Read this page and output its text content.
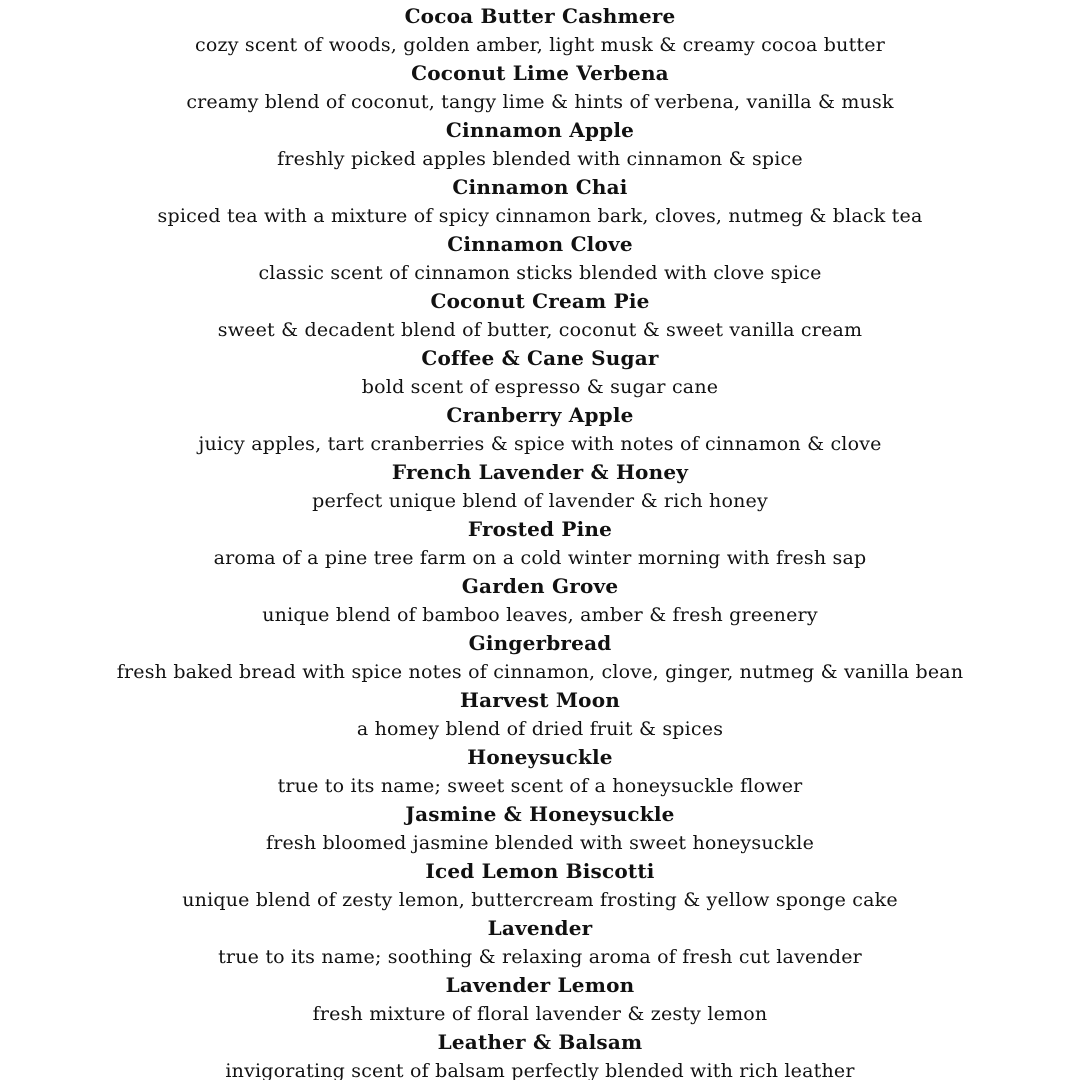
Cocoa Butter Cashmere
cozy scent of woods, golden amber, light musk & creamy cocoa butter
Coconut Lime Verbena
creamy blend of coconut, tangy lime & hints of verbena, vanilla & musk
Cinnamon Apple
freshly picked apples blended with cinnamon & spice
Cinnamon Chai
spiced tea with a mixture of spicy cinnamon bark, cloves, nutmeg & black tea
Cinnamon Clove
classic scent of cinnamon sticks blended with clove spice
Coconut Cream Pie
sweet & decadent blend of butter, coconut & sweet vanilla cream
Coffee & Cane Sugar
bold scent of espresso & sugar cane
Cranberry Apple
juicy apples, tart cranberries & spice with notes of cinnamon & clove
French Lavender & Honey
perfect unique blend of lavender & rich honey
Frosted Pine
aroma of a pine tree farm on a cold winter morning with fresh sap
Garden Grove
unique blend of bamboo leaves, amber & fresh greenery
Gingerbread
fresh baked bread with spice notes of cinnamon, clove, ginger, nutmeg & vanilla bean
Harvest Moon
a homey blend of dried fruit & spices
Honeysuckle
true to its name; sweet scent of a honeysuckle flower
Jasmine & Honeysuckle
fresh bloomed jasmine blended with sweet honeysuckle
Iced Lemon Biscotti
unique blend of zesty lemon, buttercream frosting & yellow sponge cake
Lavender
true to its name; soothing & relaxing aroma of fresh cut lavender
Lavender Lemon
fresh mixture of floral lavender & zesty lemon
Leather & Balsam
invigorating scent of balsam perfectly blended with rich leather
